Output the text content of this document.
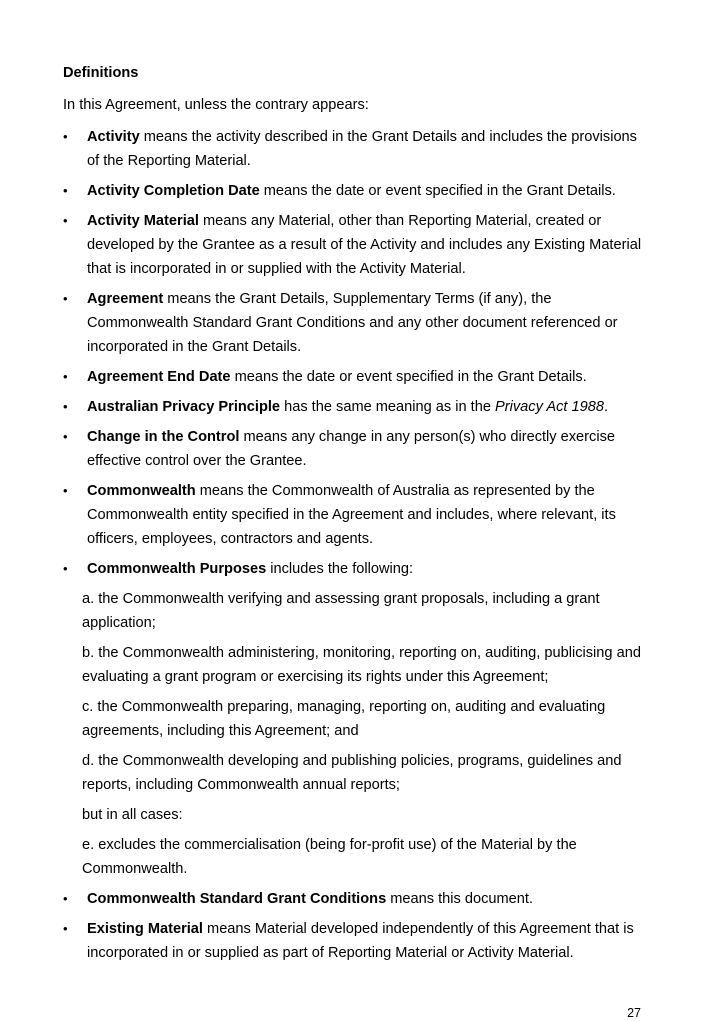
Definitions
In this Agreement, unless the contrary appears:
• Activity means the activity described in the Grant Details and includes the provisions of the Reporting Material.
• Activity Completion Date means the date or event specified in the Grant Details.
• Activity Material means any Material, other than Reporting Material, created or developed by the Grantee as a result of the Activity and includes any Existing Material that is incorporated in or supplied with the Activity Material.
• Agreement means the Grant Details, Supplementary Terms (if any), the Commonwealth Standard Grant Conditions and any other document referenced or incorporated in the Grant Details.
• Agreement End Date means the date or event specified in the Grant Details.
• Australian Privacy Principle has the same meaning as in the Privacy Act 1988.
• Change in the Control means any change in any person(s) who directly exercise effective control over the Grantee.
• Commonwealth means the Commonwealth of Australia as represented by the Commonwealth entity specified in the Agreement and includes, where relevant, its officers, employees, contractors and agents.
• Commonwealth Purposes includes the following:
a. the Commonwealth verifying and assessing grant proposals, including a grant application;
b. the Commonwealth administering, monitoring, reporting on, auditing, publicising and evaluating a grant program or exercising its rights under this Agreement;
c. the Commonwealth preparing, managing, reporting on, auditing and evaluating agreements, including this Agreement; and
d. the Commonwealth developing and publishing policies, programs, guidelines and reports, including Commonwealth annual reports;
but in all cases:
e. excludes the commercialisation (being for-profit use) of the Material by the Commonwealth.
• Commonwealth Standard Grant Conditions means this document.
• Existing Material means Material developed independently of this Agreement that is incorporated in or supplied as part of Reporting Material or Activity Material.
27
